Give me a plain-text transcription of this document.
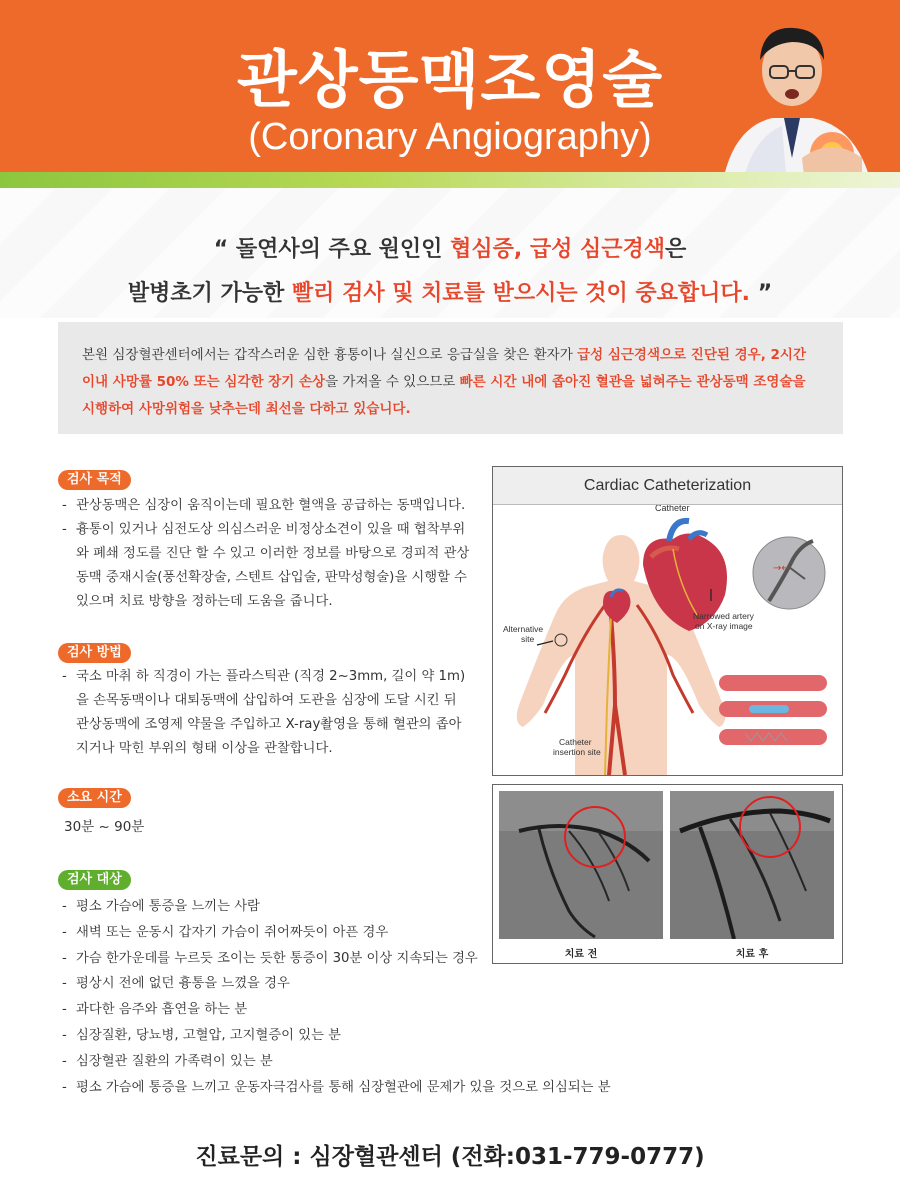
관상동맥조영술
(Coronary Angiography)
“ 돌연사의 주요 원인인 협심증, 급성 심근경색은
발병초기 가능한 빨리 검사 및 치료를 받으시는 것이 중요합니다. ”
본원 심장혈관센터에서는 갑작스러운 심한 흉통이나 실신으로 응급실을 찾은 환자가 급성 심근경색으로 진단된 경우, 2시간 이내 사망률 50% 또는 심각한 장기 손상을 가져올 수 있으므로 빠른 시간 내에 좁아진 혈관을 넓혀주는 관상동맥 조영술을 시행하여 사망위험을 낮추는데 최선을 다하고 있습니다.
검사 목적
- 관상동맥은 심장이 움직이는데 필요한 혈액을 공급하는 동맥입니다.
- 흉통이 있거나 심전도상 의심스러운 비정상소견이 있을 때 협착부위와 폐쇄 정도를 진단 할 수 있고 이러한 정보를 바탕으로 경피적 관상동맥 중재시술(풍선확장술, 스텐트 삽입술, 판막성형술)을 시행할 수 있으며 치료 방향을 정하는데 도움을 줍니다.
검사 방법
- 국소 마취 하 직경이 가는 플라스틱관 (직경 2~3mm, 길이 약 1m)을 손목동맥이나 대퇴동맥에 삽입하여 도관을 심장에 도달 시킨 뒤 관상동맥에 조영제 약물을 주입하고 X-ray촬영을 통해 혈관의 좁아지거나 막힌 부위의 형태 이상을 관찰합니다.
소요 시간
30분 ~ 90분
검사 대상
- 평소 가슴에 통증을 느끼는 사람
- 새벽 또는 운동시 갑자기 가슴이 쥐어짜듯이 아픈 경우
- 가슴 한가운데를 누르듯 조이는 듯한 통증이 30분 이상 지속되는 경우
- 평상시 전에 없던 흉통을 느꼈을 경우
- 과다한 음주와 흡연을 하는 분
- 심장질환, 당뇨병, 고혈압, 고지혈증이 있는 분
- 심장혈관 질환의 가족력이 있는 분
- 평소 가슴에 통증을 느끼고 운동자극검사를 통해 심장혈관에 문제가 있을 것으로 의심되는 분
Cardiac Catheterization
→←
Catheter
Alternative
site
Catheter
insertion site
Narrowed artery
on X-ray image
치료 전	치료 후
진료문의 : 심장혈관센터 (전화:031-779-0777)
